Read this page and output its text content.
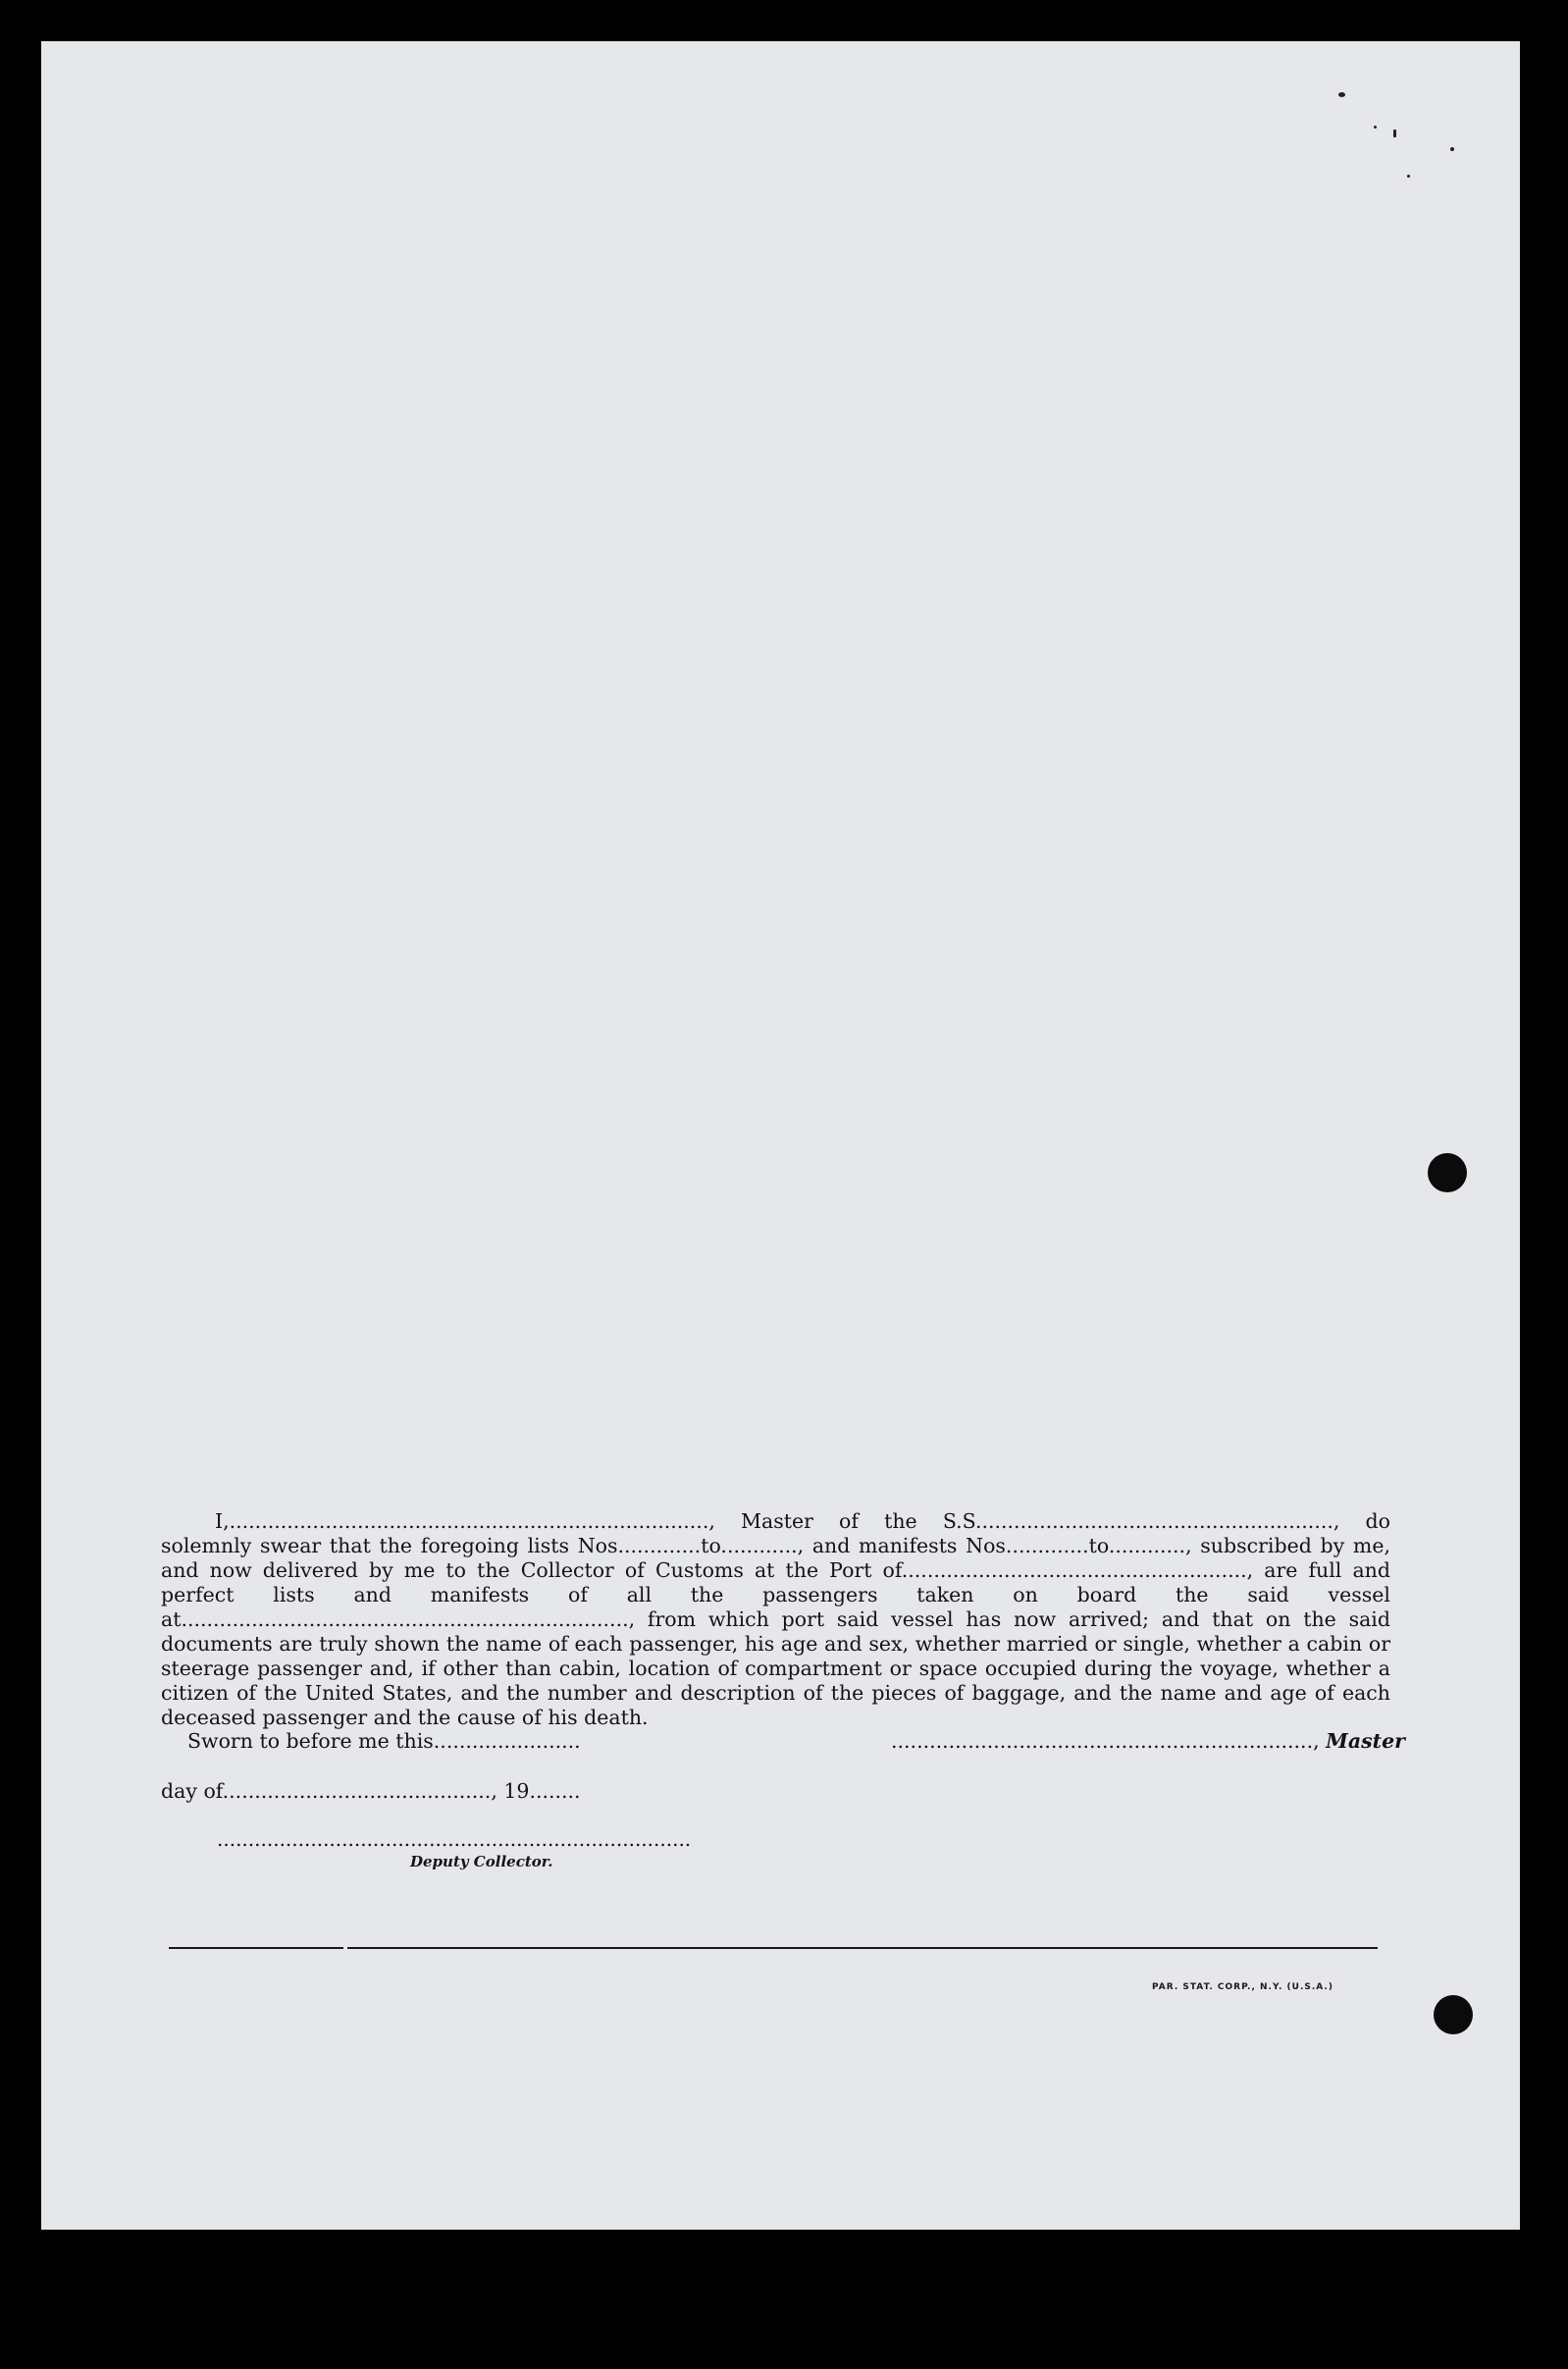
I,..........................................................................., Master of the S.S........................................................, do solemnly swear that the foregoing lists Nos.............to............, and manifests Nos.............to............, subscribed by me, and now delivered by me to the Collector of Customs at the Port of......................................................, are full and perfect lists and manifests of all the passengers taken on board the said vessel at......................................................................, from which port said vessel has now arrived; and that on the said documents are truly shown the name of each passenger, his age and sex, whether married or single, whether a cabin or steerage passenger and, if other than cabin, location of compartment or space occupied during the voyage, whether a citizen of the United States, and the number and description of the pieces of baggage, and the name and age of each deceased passenger and the cause of his death.

Sworn to before me this.......................	.................................................................., Master
day of.........................................., 19........
............................................................................
Deputy Collector.
PAR. STAT. CORP., N.Y. (U.S.A.)
